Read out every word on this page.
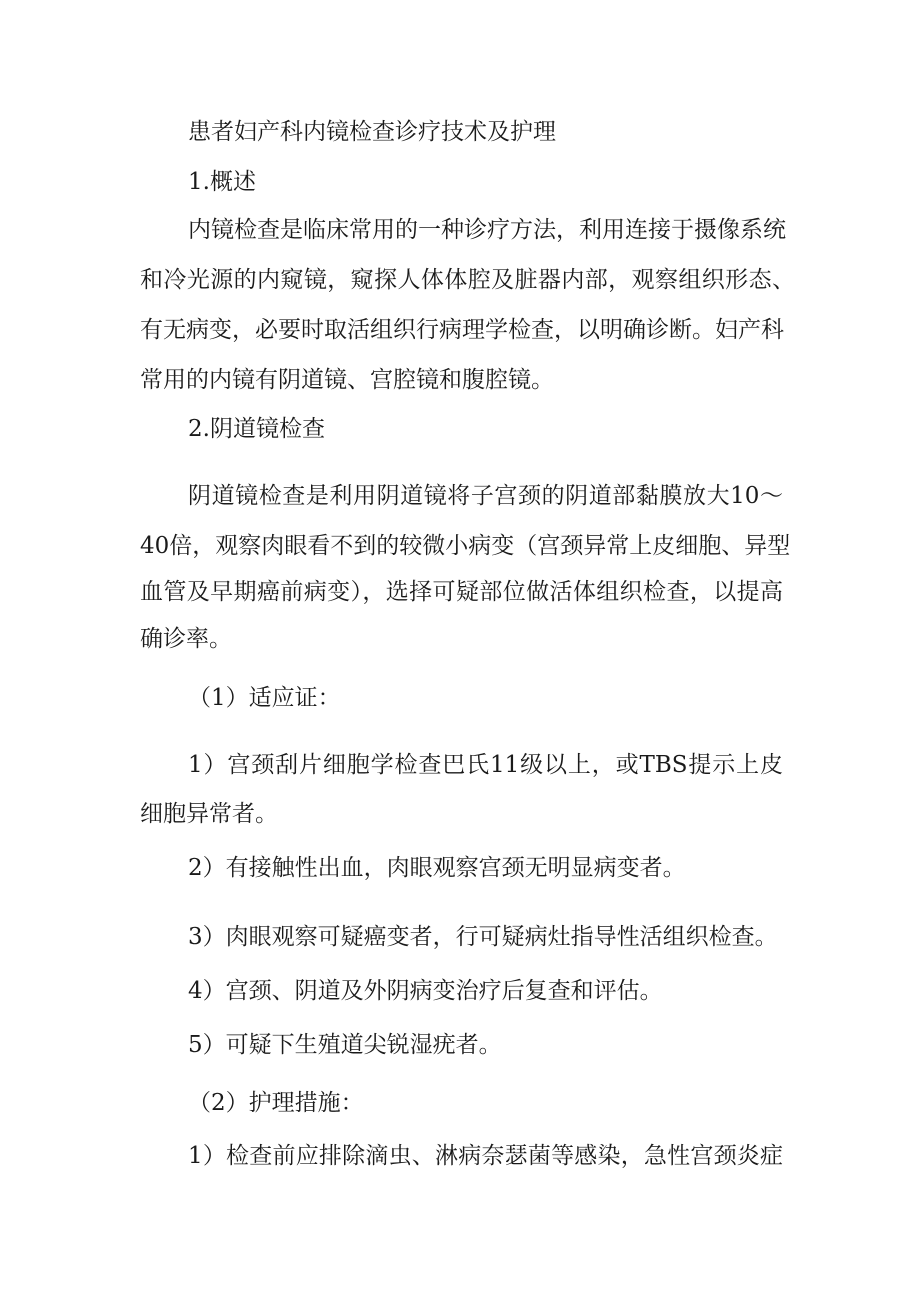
患者妇产科内镜检查诊疗技术及护理
1.概述
内镜检查是临床常用的一种诊疗方法，利用连接于摄像系统
和冷光源的内窥镜，窥探人体体腔及脏器内部，观察组织形态、
有无病变，必要时取活组织行病理学检查，以明确诊断。妇产科
常用的内镜有阴道镜、宫腔镜和腹腔镜。
2.阴道镜检查
阴道镜检查是利用阴道镜将子宫颈的阴道部黏膜放大10～
40倍，观察肉眼看不到的较微小病变（宫颈异常上皮细胞、异型
血管及早期癌前病变），选择可疑部位做活体组织检查，以提高
确诊率。
（1）适应证：
1）宫颈刮片细胞学检查巴氏11级以上，或TBS提示上皮
细胞异常者。
2）有接触性出血，肉眼观察宫颈无明显病变者。
3）肉眼观察可疑癌变者，行可疑病灶指导性活组织检查。
4）宫颈、阴道及外阴病变治疗后复查和评估。
5）可疑下生殖道尖锐湿疣者。
（2）护理措施：
1）检查前应排除滴虫、淋病奈瑟菌等感染，急性宫颈炎症
